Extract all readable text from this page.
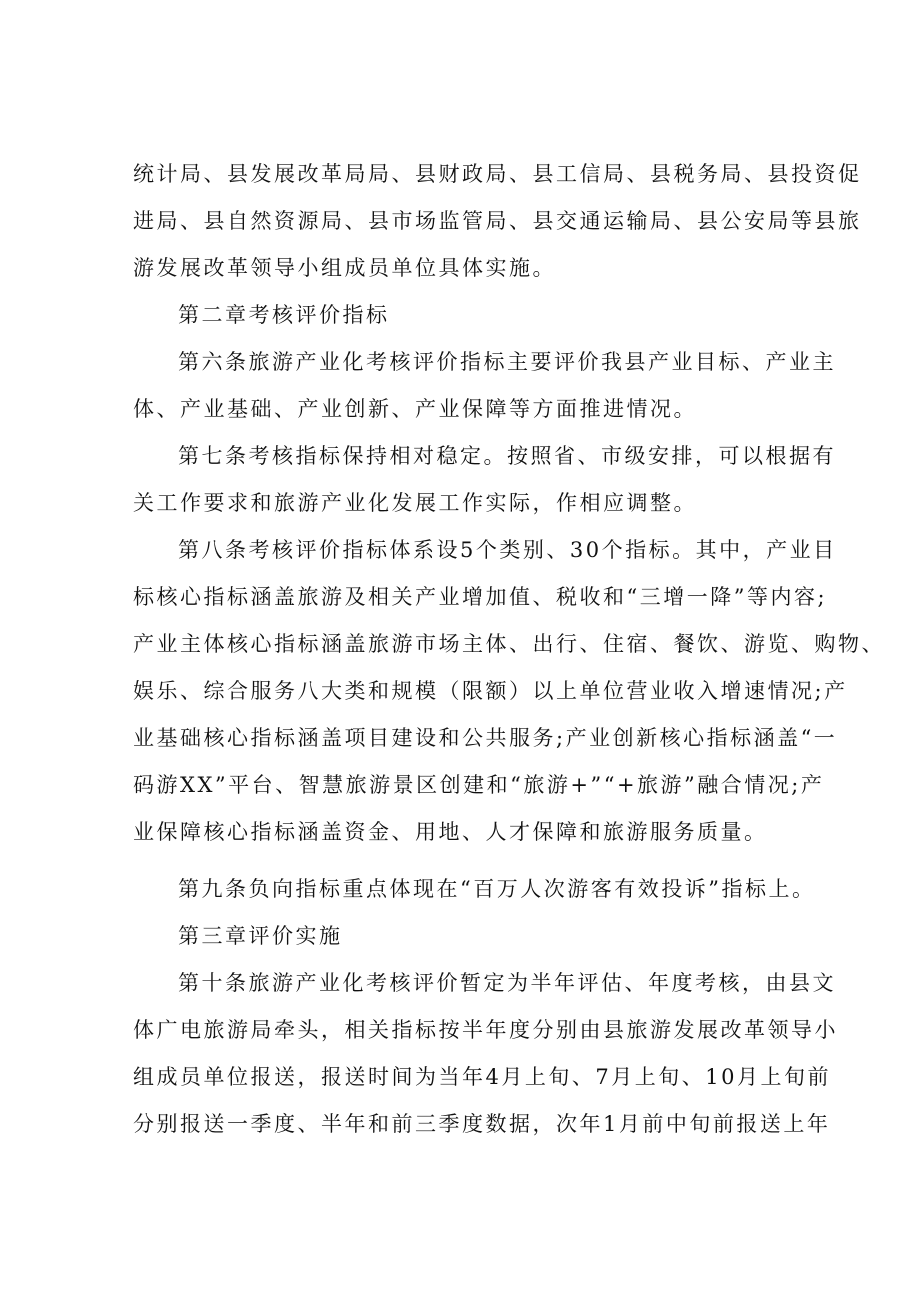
统计局、县发展改革局局、县财政局、县工信局、县税务局、县投资促
进局、县自然资源局、县市场监管局、县交通运输局、县公安局等县旅
游发展改革领导小组成员单位具体实施。
第二章考核评价指标
第六条旅游产业化考核评价指标主要评价我县产业目标、产业主
体、产业基础、产业创新、产业保障等方面推进情况。
第七条考核指标保持相对稳定。按照省、市级安排，可以根据有
关工作要求和旅游产业化发展工作实际，作相应调整。
第八条考核评价指标体系设5个类别、30个指标。其中，产业目
标核心指标涵盖旅游及相关产业增加值、税收和“三增一降”等内容;
产业主体核心指标涵盖旅游市场主体、出行、住宿、餐饮、游览、购物、
娱乐、综合服务八大类和规模（限额）以上单位营业收入增速情况;产
业基础核心指标涵盖项目建设和公共服务;产业创新核心指标涵盖“一
码游XX”平台、智慧旅游景区创建和“旅游+”“+旅游”融合情况;产
业保障核心指标涵盖资金、用地、人才保障和旅游服务质量。
第九条负向指标重点体现在“百万人次游客有效投诉”指标上。
第三章评价实施
第十条旅游产业化考核评价暂定为半年评估、年度考核，由县文
体广电旅游局牵头，相关指标按半年度分别由县旅游发展改革领导小
组成员单位报送，报送时间为当年4月上旬、7月上旬、10月上旬前
分别报送一季度、半年和前三季度数据，次年1月前中旬前报送上年
